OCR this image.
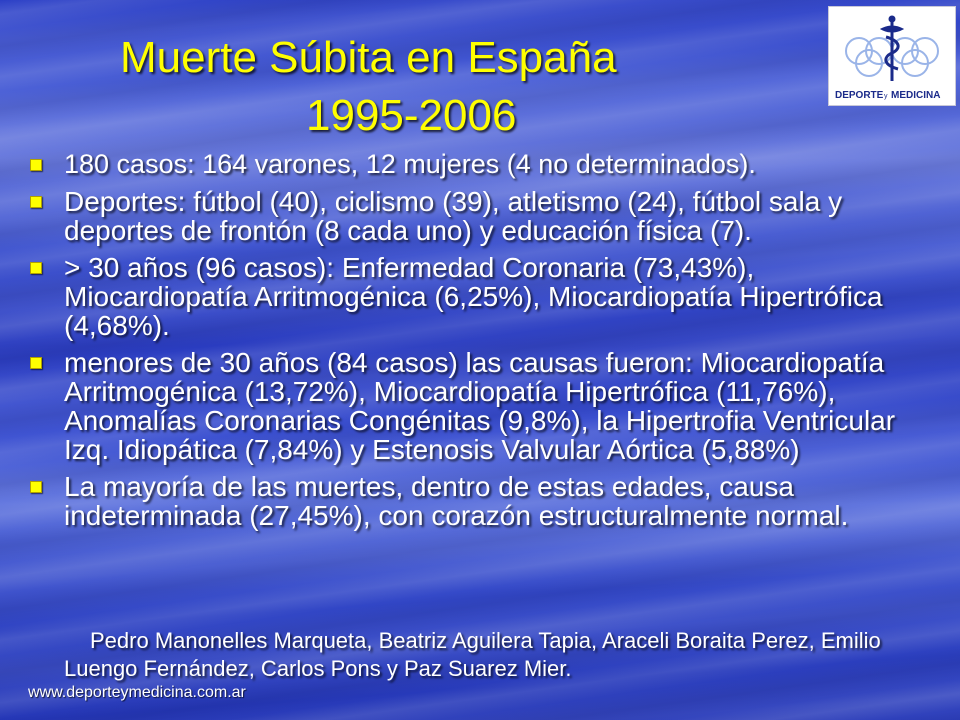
DEPORTE y MEDICINA
Muerte Súbita en España
1995-2006
180 casos: 164 varones, 12 mujeres (4 no determinados).
Deportes: fútbol (40), ciclismo (39), atletismo (24), fútbol sala y deportes de frontón (8 cada uno) y educación física (7).
> 30 años (96 casos): Enfermedad Coronaria (73,43%), Miocardiopatía Arritmogénica (6,25%), Miocardiopatía Hipertrófica (4,68%).
menores de 30 años (84 casos) las causas fueron: Miocardiopatía Arritmogénica (13,72%), Miocardiopatía Hipertrófica (11,76%), Anomalías Coronarias Congénitas (9,8%), la Hipertrofia Ventricular Izq. Idiopática (7,84%) y Estenosis Valvular Aórtica (5,88%)
La mayoría de las muertes, dentro de estas edades, causa indeterminada (27,45%), con corazón estructuralmente normal.

Pedro Manonelles Marqueta, Beatriz Aguilera Tapia, Araceli Boraita Perez, Emilio Luengo Fernández, Carlos Pons y Paz Suarez Mier.

www.deporteymedicina.com.ar
